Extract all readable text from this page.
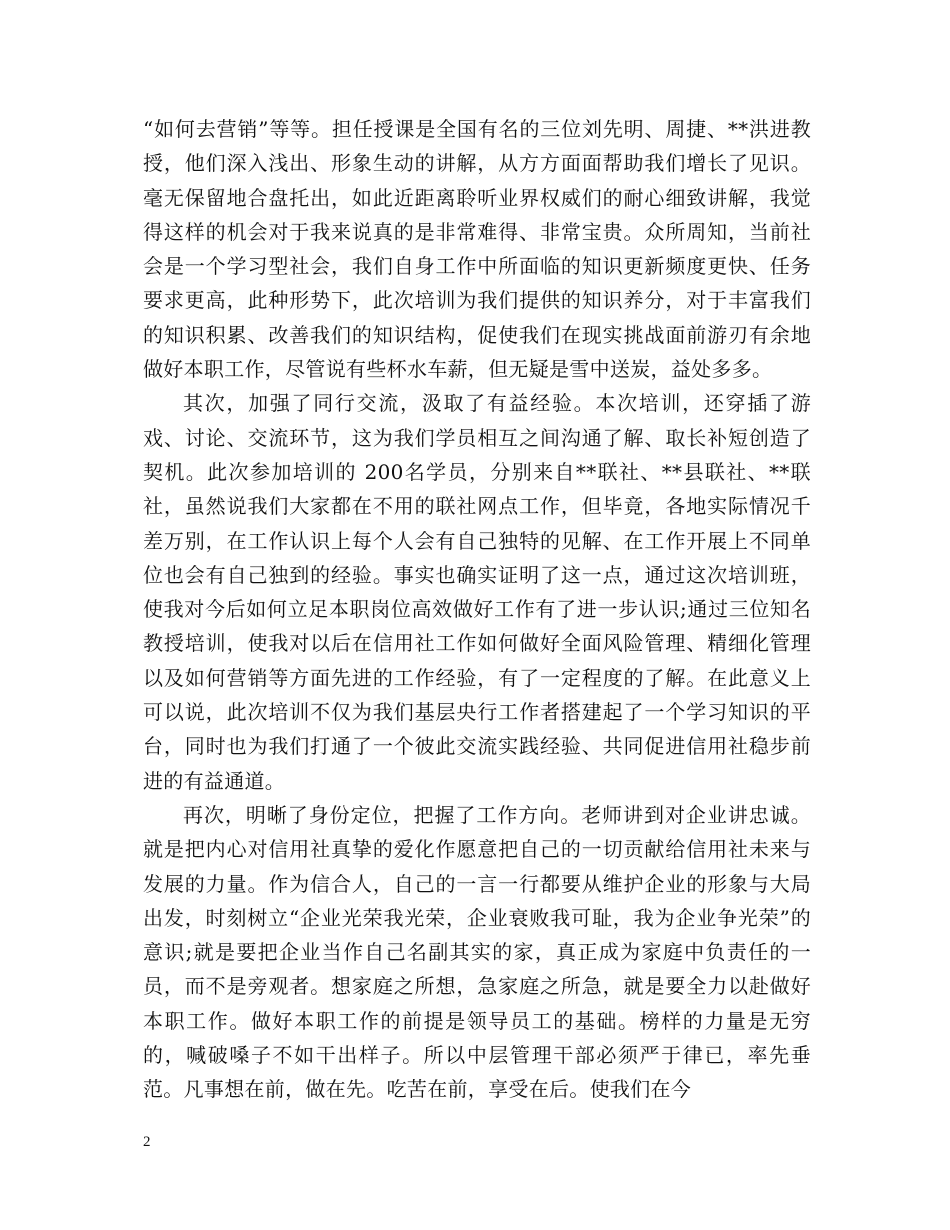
“如何去营销”等等。担任授课是全国有名的三位刘先明、周捷、**洪进教授，他们深入浅出、形象生动的讲解，从方方面面帮助我们增长了见识。毫无保留地合盘托出，如此近距离聆听业界权威们的耐心细致讲解，我觉得这样的机会对于我来说真的是非常难得、非常宝贵。众所周知，当前社会是一个学习型社会，我们自身工作中所面临的知识更新频度更快、任务要求更高，此种形势下，此次培训为我们提供的知识养分，对于丰富我们的知识积累、改善我们的知识结构，促使我们在现实挑战面前游刃有余地做好本职工作，尽管说有些杯水车薪，但无疑是雪中送炭，益处多多。

其次，加强了同行交流，汲取了有益经验。本次培训，还穿插了游戏、讨论、交流环节，这为我们学员相互之间沟通了解、取长补短创造了契机。此次参加培训的 200名学员，分别来自**联社、**县联社、**联社，虽然说我们大家都在不用的联社网点工作，但毕竟，各地实际情况千差万别，在工作认识上每个人会有自己独特的见解、在工作开展上不同单位也会有自己独到的经验。事实也确实证明了这一点，通过这次培训班，使我对今后如何立足本职岗位高效做好工作有了进一步认识;通过三位知名教授培训，使我对以后在信用社工作如何做好全面风险管理、精细化管理以及如何营销等方面先进的工作经验，有了一定程度的了解。在此意义上可以说，此次培训不仅为我们基层央行工作者搭建起了一个学习知识的平台，同时也为我们打通了一个彼此交流实践经验、共同促进信用社稳步前进的有益通道。

再次，明晰了身份定位，把握了工作方向。老师讲到对企业讲忠诚。就是把内心对信用社真挚的爱化作愿意把自己的一切贡献给信用社未来与发展的力量。作为信合人，自己的一言一行都要从维护企业的形象与大局出发，时刻树立“企业光荣我光荣，企业衰败我可耻，我为企业争光荣”的意识;就是要把企业当作自己名副其实的家，真正成为家庭中负责任的一员，而不是旁观者。想家庭之所想，急家庭之所急，就是要全力以赴做好本职工作。做好本职工作的前提是领导员工的基础。榜样的力量是无穷的，喊破嗓子不如干出样子。所以中层管理干部必须严于律已，率先垂范。凡事想在前，做在先。吃苦在前，享受在后。使我们在今

2
